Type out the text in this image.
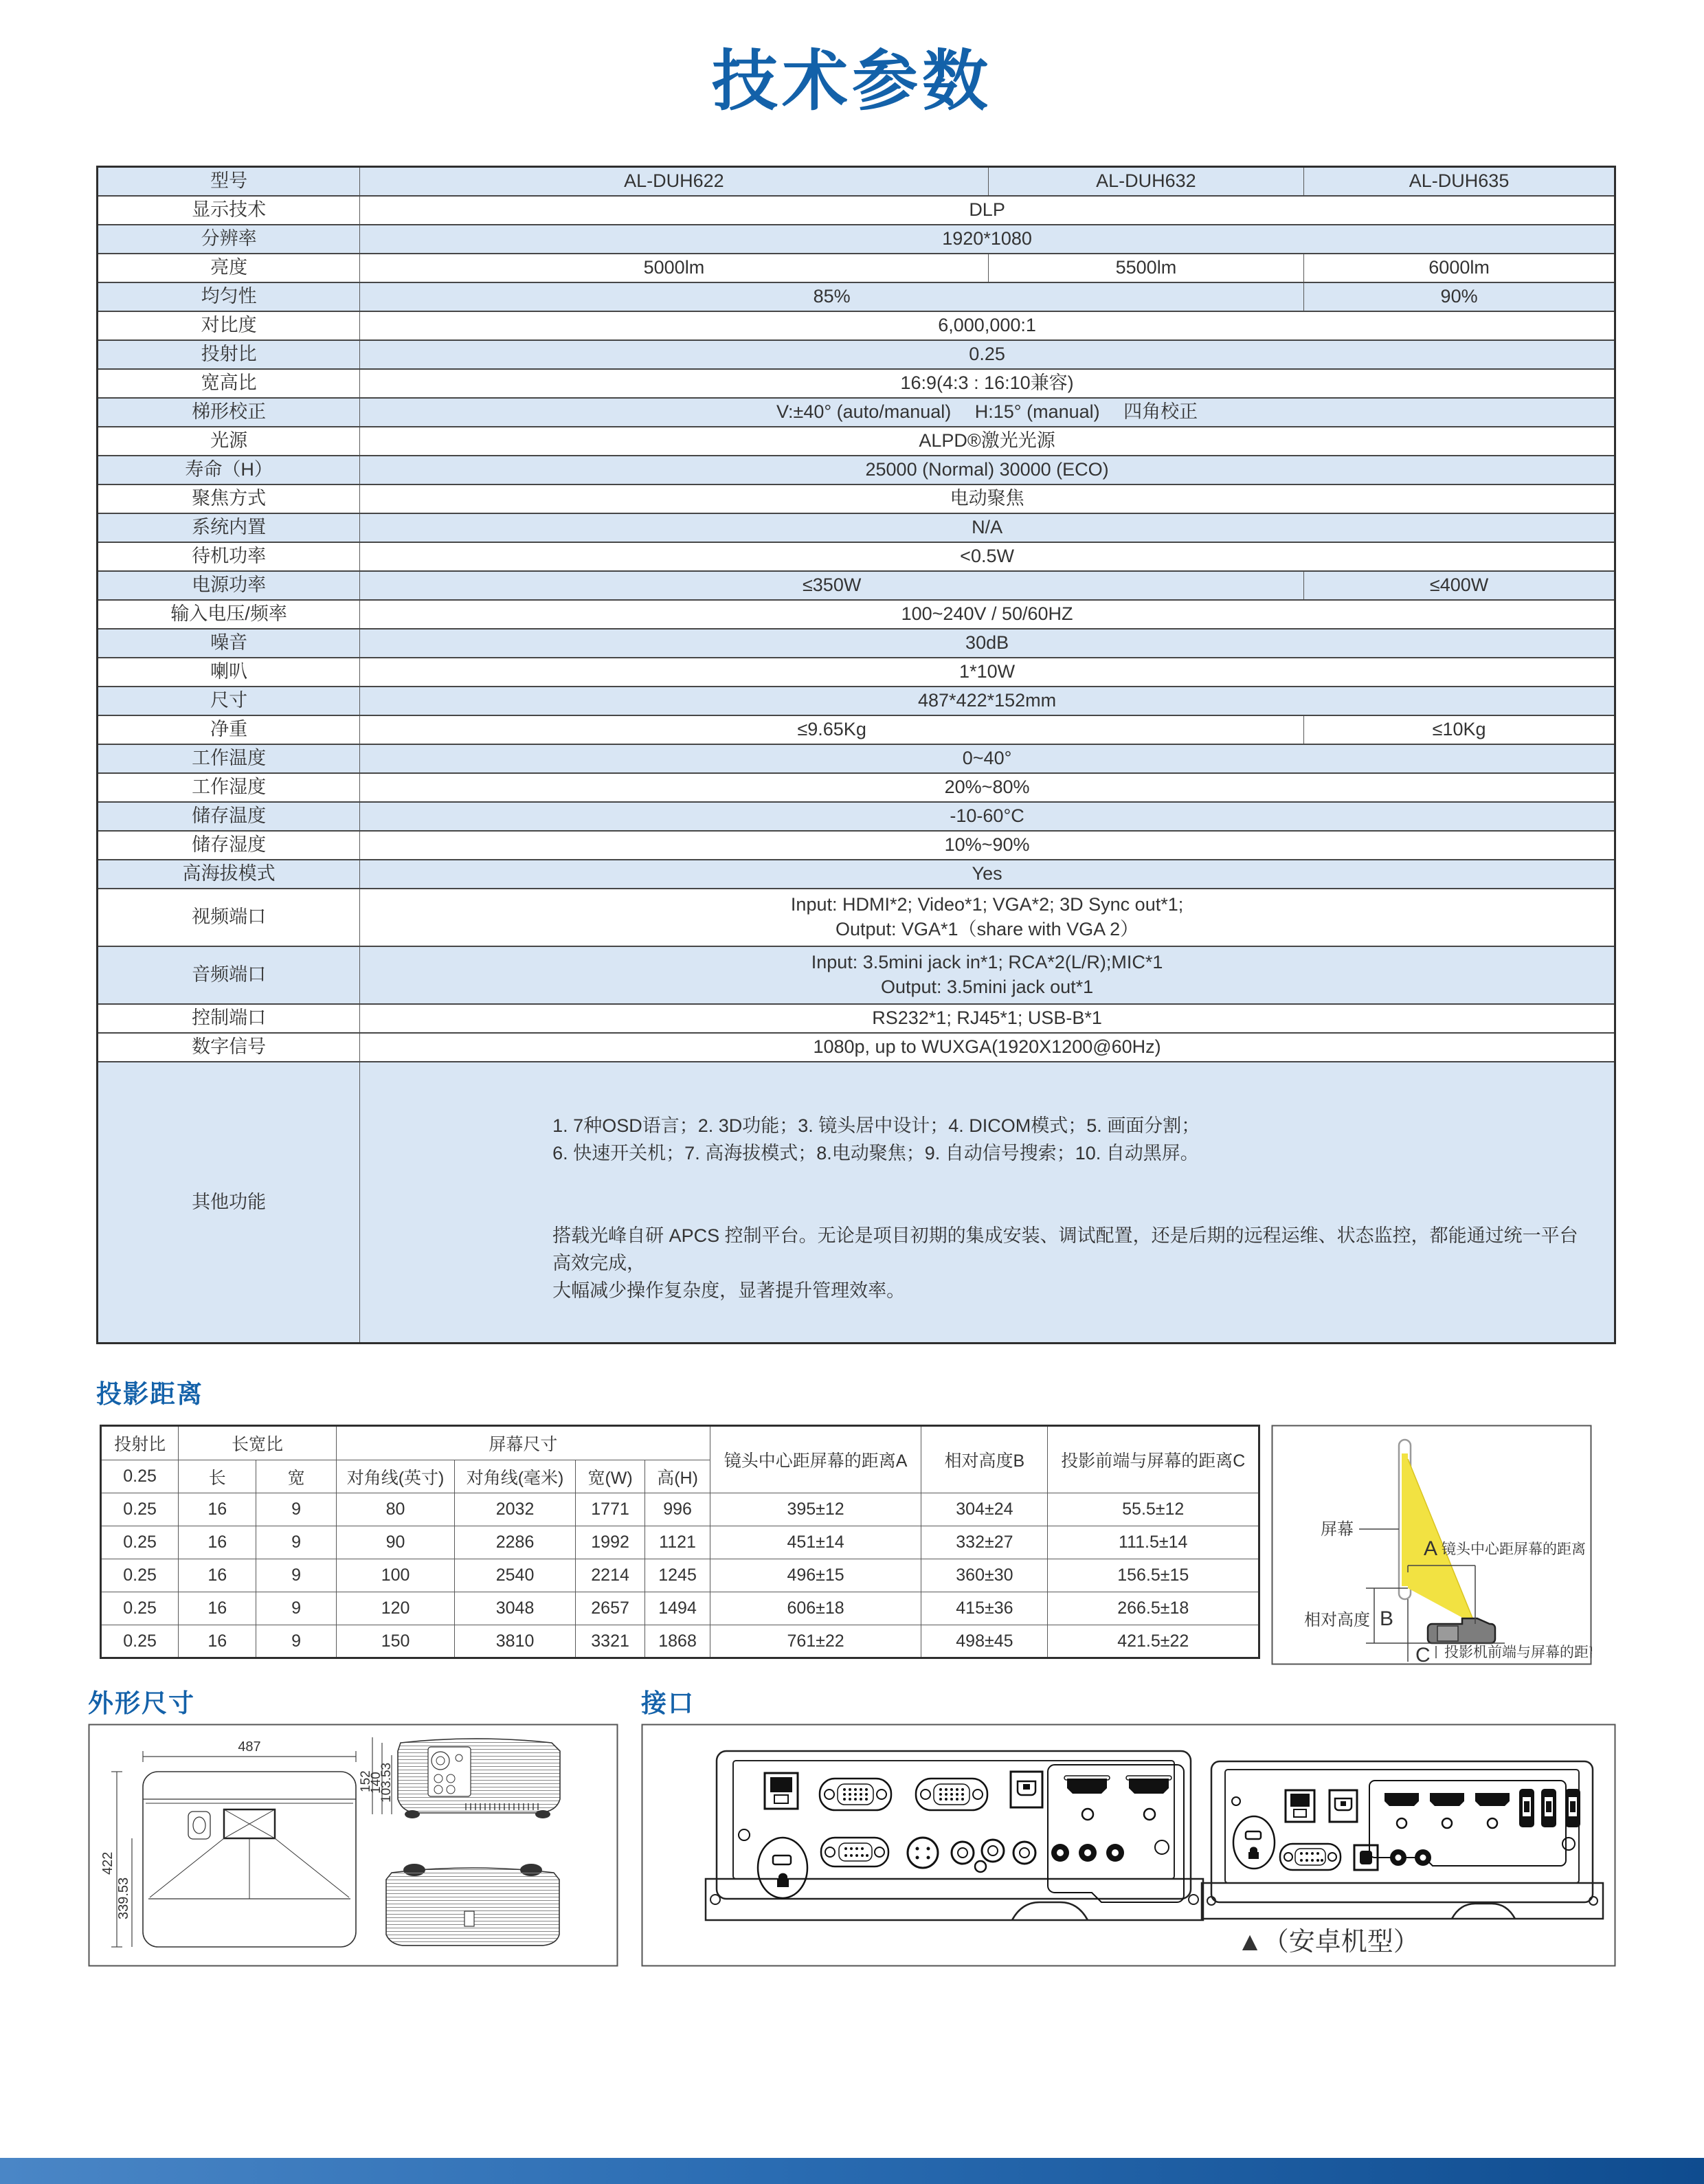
技术参数
型号	AL-DUH622	AL-DUH632	AL-DUH635
显示技术	DLP		
分辨率	1920*1080		
亮度	5000lm	5500lm	6000lm
均匀性	85%		90%
对比度	6,000,000:1		
投射比	0.25		
宽高比	16:9(4:3 : 16:10兼容)		
梯形校正	V:±40° (auto/manual)　 H:15° (manual)　 四角校正		
光源	ALPD®激光光源		
寿命（H）	25000 (Normal) 30000 (ECO)		
聚焦方式	电动聚焦		
系统内置	N/A		
待机功率	<0.5W		
电源功率	≤350W		≤400W
输入电压/频率	100~240V / 50/60HZ		
噪音	30dB		
喇叭	1*10W		
尺寸	487*422*152mm		
净重	≤9.65Kg		≤10Kg
工作温度	0~40°		
工作湿度	20%~80%		
储存温度	-10-60°C		
储存湿度	10%~90%		
高海拔模式	Yes		
视频端口	Input: HDMI*2; Video*1; VGA*2; 3D Sync out*1;
Output: VGA*1（share with VGA 2）		

音频端口	Input: 3.5mini jack in*1; RCA*2(L/R);MIC*1
Output: 3.5mini jack out*1		

控制端口	RS232*1; RJ45*1; USB-B*1		
数字信号	1080p, up to WUXGA(1920X1200@60Hz)		
其他功能	1. 7种OSD语言；2. 3D功能；3. 镜头居中设计；4. DICOM模式；5. 画面分割；
6. 快速开关机；7. 高海拔模式；8.电动聚焦；9. 自动信号搜索；10. 自动黑屏。
搭载光峰自研 APCS 控制平台。无论是项目初期的集成安装、调试配置，还是后期的远程运维、状态监控，都能通过统一平台高效完成，
大幅减少操作复杂度，显著提升管理效率。		
投影距离
投射比	长宽比		屏幕尺寸				镜头中心距屏幕的距离A	相对高度B	投影前端与屏幕的距离C
0.25	长	宽	对角线(英寸)	对角线(毫米)	宽(W)	高(H)			
0.25	16	9	80	2032	1771	996	395±12	304±24	55.5±12
0.25	16	9	90	2286	1992	1121	451±14	332±27	111.5±14
0.25	16	9	100	2540	2214	1245	496±15	360±30	156.5±15
0.25	16	9	120	3048	2657	1494	606±18	415±36	266.5±18
0.25	16	9	150	3810	3321	1868	761±22	498±45	421.5±22
A 镜头中心距屏幕的距离
相对高度 B
C 投影机前端与屏幕的距离
屏幕
外形尺寸
487
422
339.53
152
140
103.53
接口
▲（安卓机型）
